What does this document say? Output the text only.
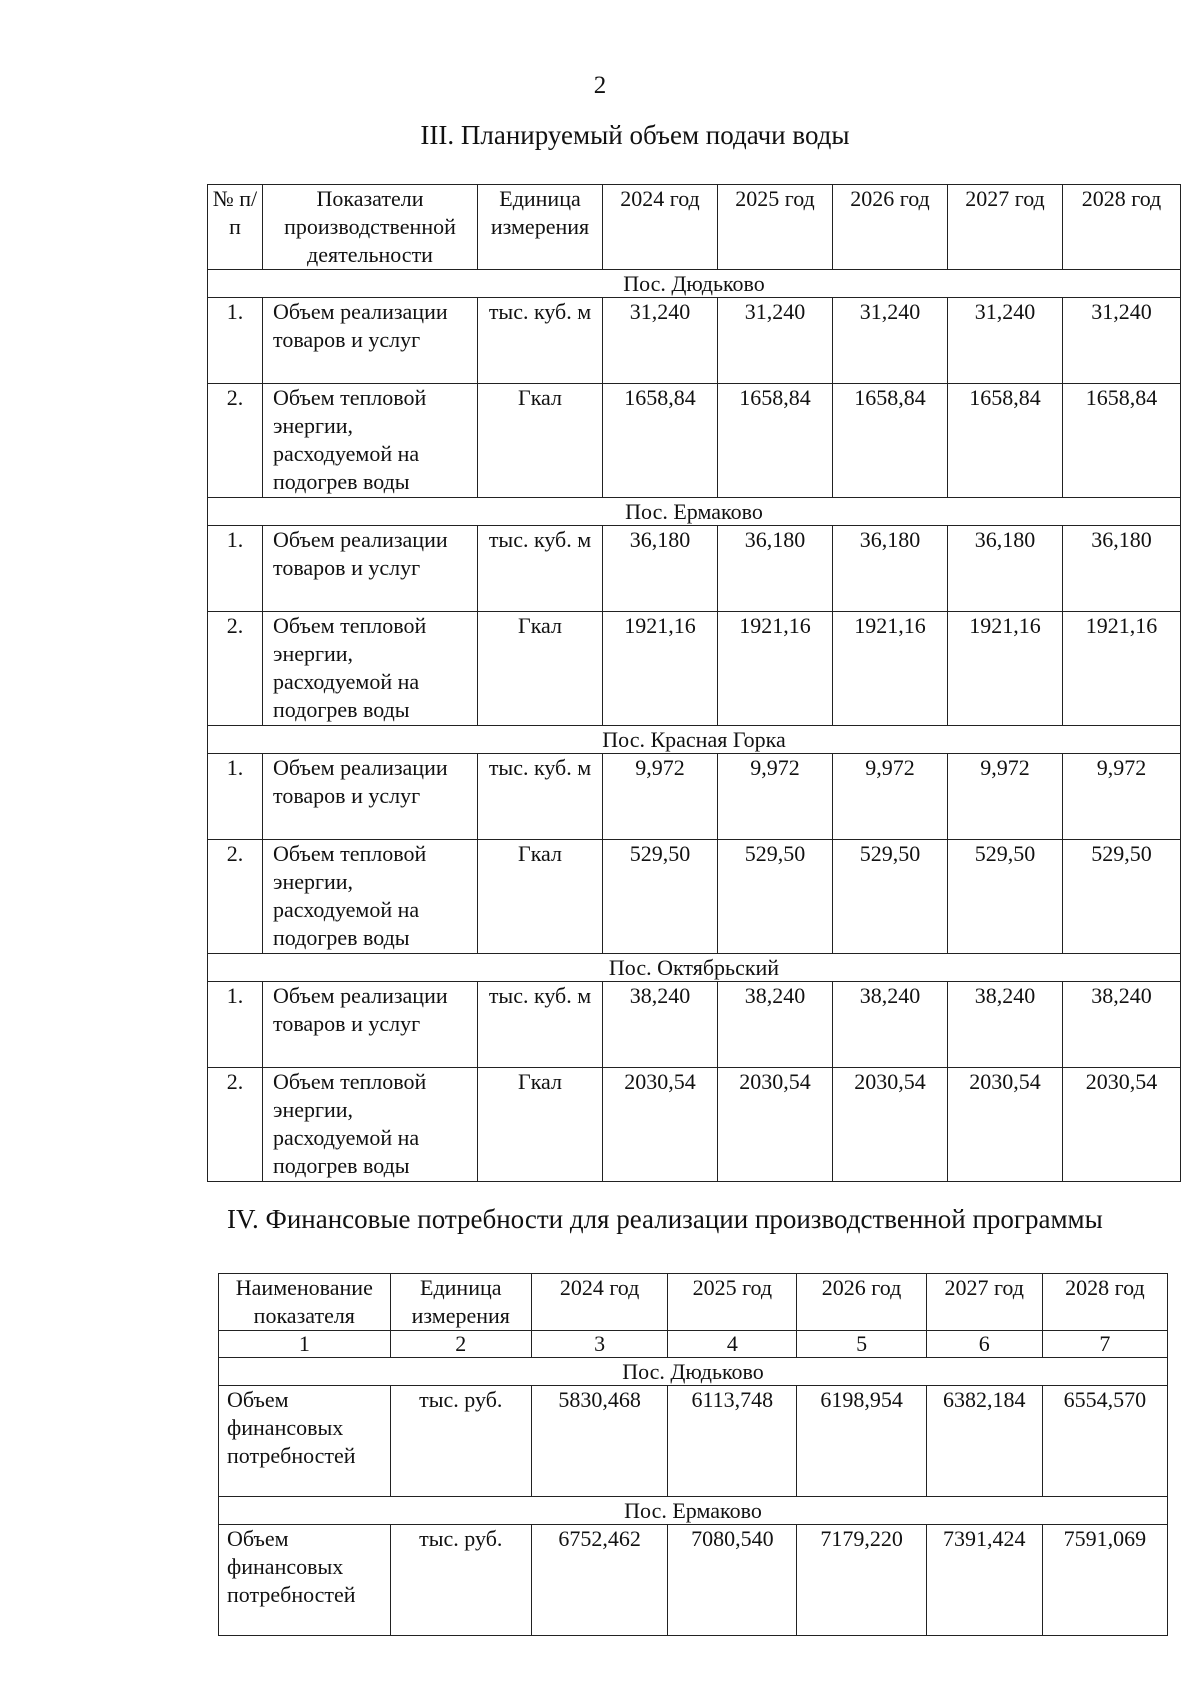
2
III. Планируемый объем подачи воды
№ п/п	Показатели производственной деятельности	Единица измерения	2024 год	2025 год	2026 год	2027 год	2028 год
Пос. Дюдьково							
1.	Объем реализации товаров и услуг	тыс. куб. м	31,240	31,240	31,240	31,240	31,240
2.	Объем тепловой энергии, расходуемой на подогрев воды	Гкал	1658,84	1658,84	1658,84	1658,84	1658,84
Пос. Ермаково							
1.	Объем реализации товаров и услуг	тыс. куб. м	36,180	36,180	36,180	36,180	36,180
2.	Объем тепловой энергии, расходуемой на подогрев воды	Гкал	1921,16	1921,16	1921,16	1921,16	1921,16
Пос. Красная Горка							
1.	Объем реализации товаров и услуг	тыс. куб. м	9,972	9,972	9,972	9,972	9,972
2.	Объем тепловой энергии, расходуемой на подогрев воды	Гкал	529,50	529,50	529,50	529,50	529,50
Пос. Октябрьский							
1.	Объем реализации товаров и услуг	тыс. куб. м	38,240	38,240	38,240	38,240	38,240
2.	Объем тепловой энергии, расходуемой на подогрев воды	Гкал	2030,54	2030,54	2030,54	2030,54	2030,54
IV. Финансовые потребности для реализации производственной программы
Наименование показателя	Единица измерения	2024 год	2025 год	2026 год	2027 год	2028 год
1	2	3	4	5	6	7
Пос. Дюдьково						
Объем финансовых потребностей	тыс. руб.	5830,468	6113,748	6198,954	6382,184	6554,570
Пос. Ермаково						
Объем финансовых потребностей	тыс. руб.	6752,462	7080,540	7179,220	7391,424	7591,069
